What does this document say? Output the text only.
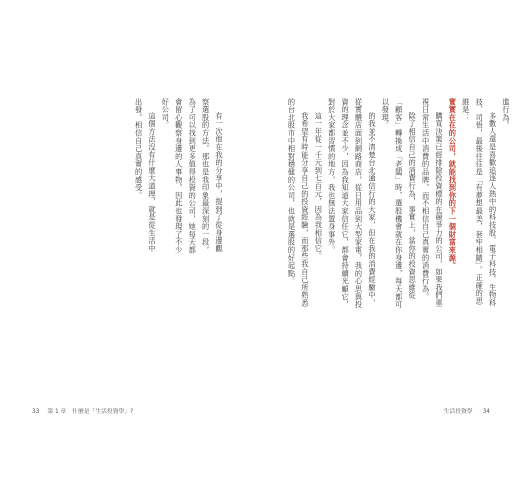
進行為。

多數人還是喜歡追逐人熱中的科技股、電子科技、生物科技、司悟，最後往往是「有夢想最美，套牢相隨」。正確的思維是：

實實在在的公司，就能找到你的下一個財富來源。

購買決策已經排除投資標的在競爭力的公司，如果我們重視日常生活中消費的品牌，而不相信自己真實的消費行為。

除了相信自己的消費行為，事實上，當你的投資思維從「顧客」轉換成「老闆」時，選股機會就在你身邊，每天都可以發現。

的我並不清楚台北通信行的大家，但在我的消費經驗中，從實體店面到網路商店，從日用品到大型家電，我的心思與投資的理念並不少，因為我知道大家信任它，都會持續光顧它，對於大家都習慣的地方，我也無法置身事外。

這一年從一千元到七百元，因為我相信它。

我希望有時能分享自己的投資經驗，而那些我自己所熟悉的台北股市中相對穩健的公司，也就是選股的好起點。

生活投資學 34

有一次他在我的分享中，提到了從身邊觀察選股的方法，那也是我印象最深刻的一段，為了可以找到更多值得投資的公司，她每天都會留心觀察身邊的人事物，因此也發現了不少好公司。

這個方法沒有什麼大道理，就是從生活中出發，相信自己真實的感受。

33 第 1 章　什麼是「生活投資學」?
